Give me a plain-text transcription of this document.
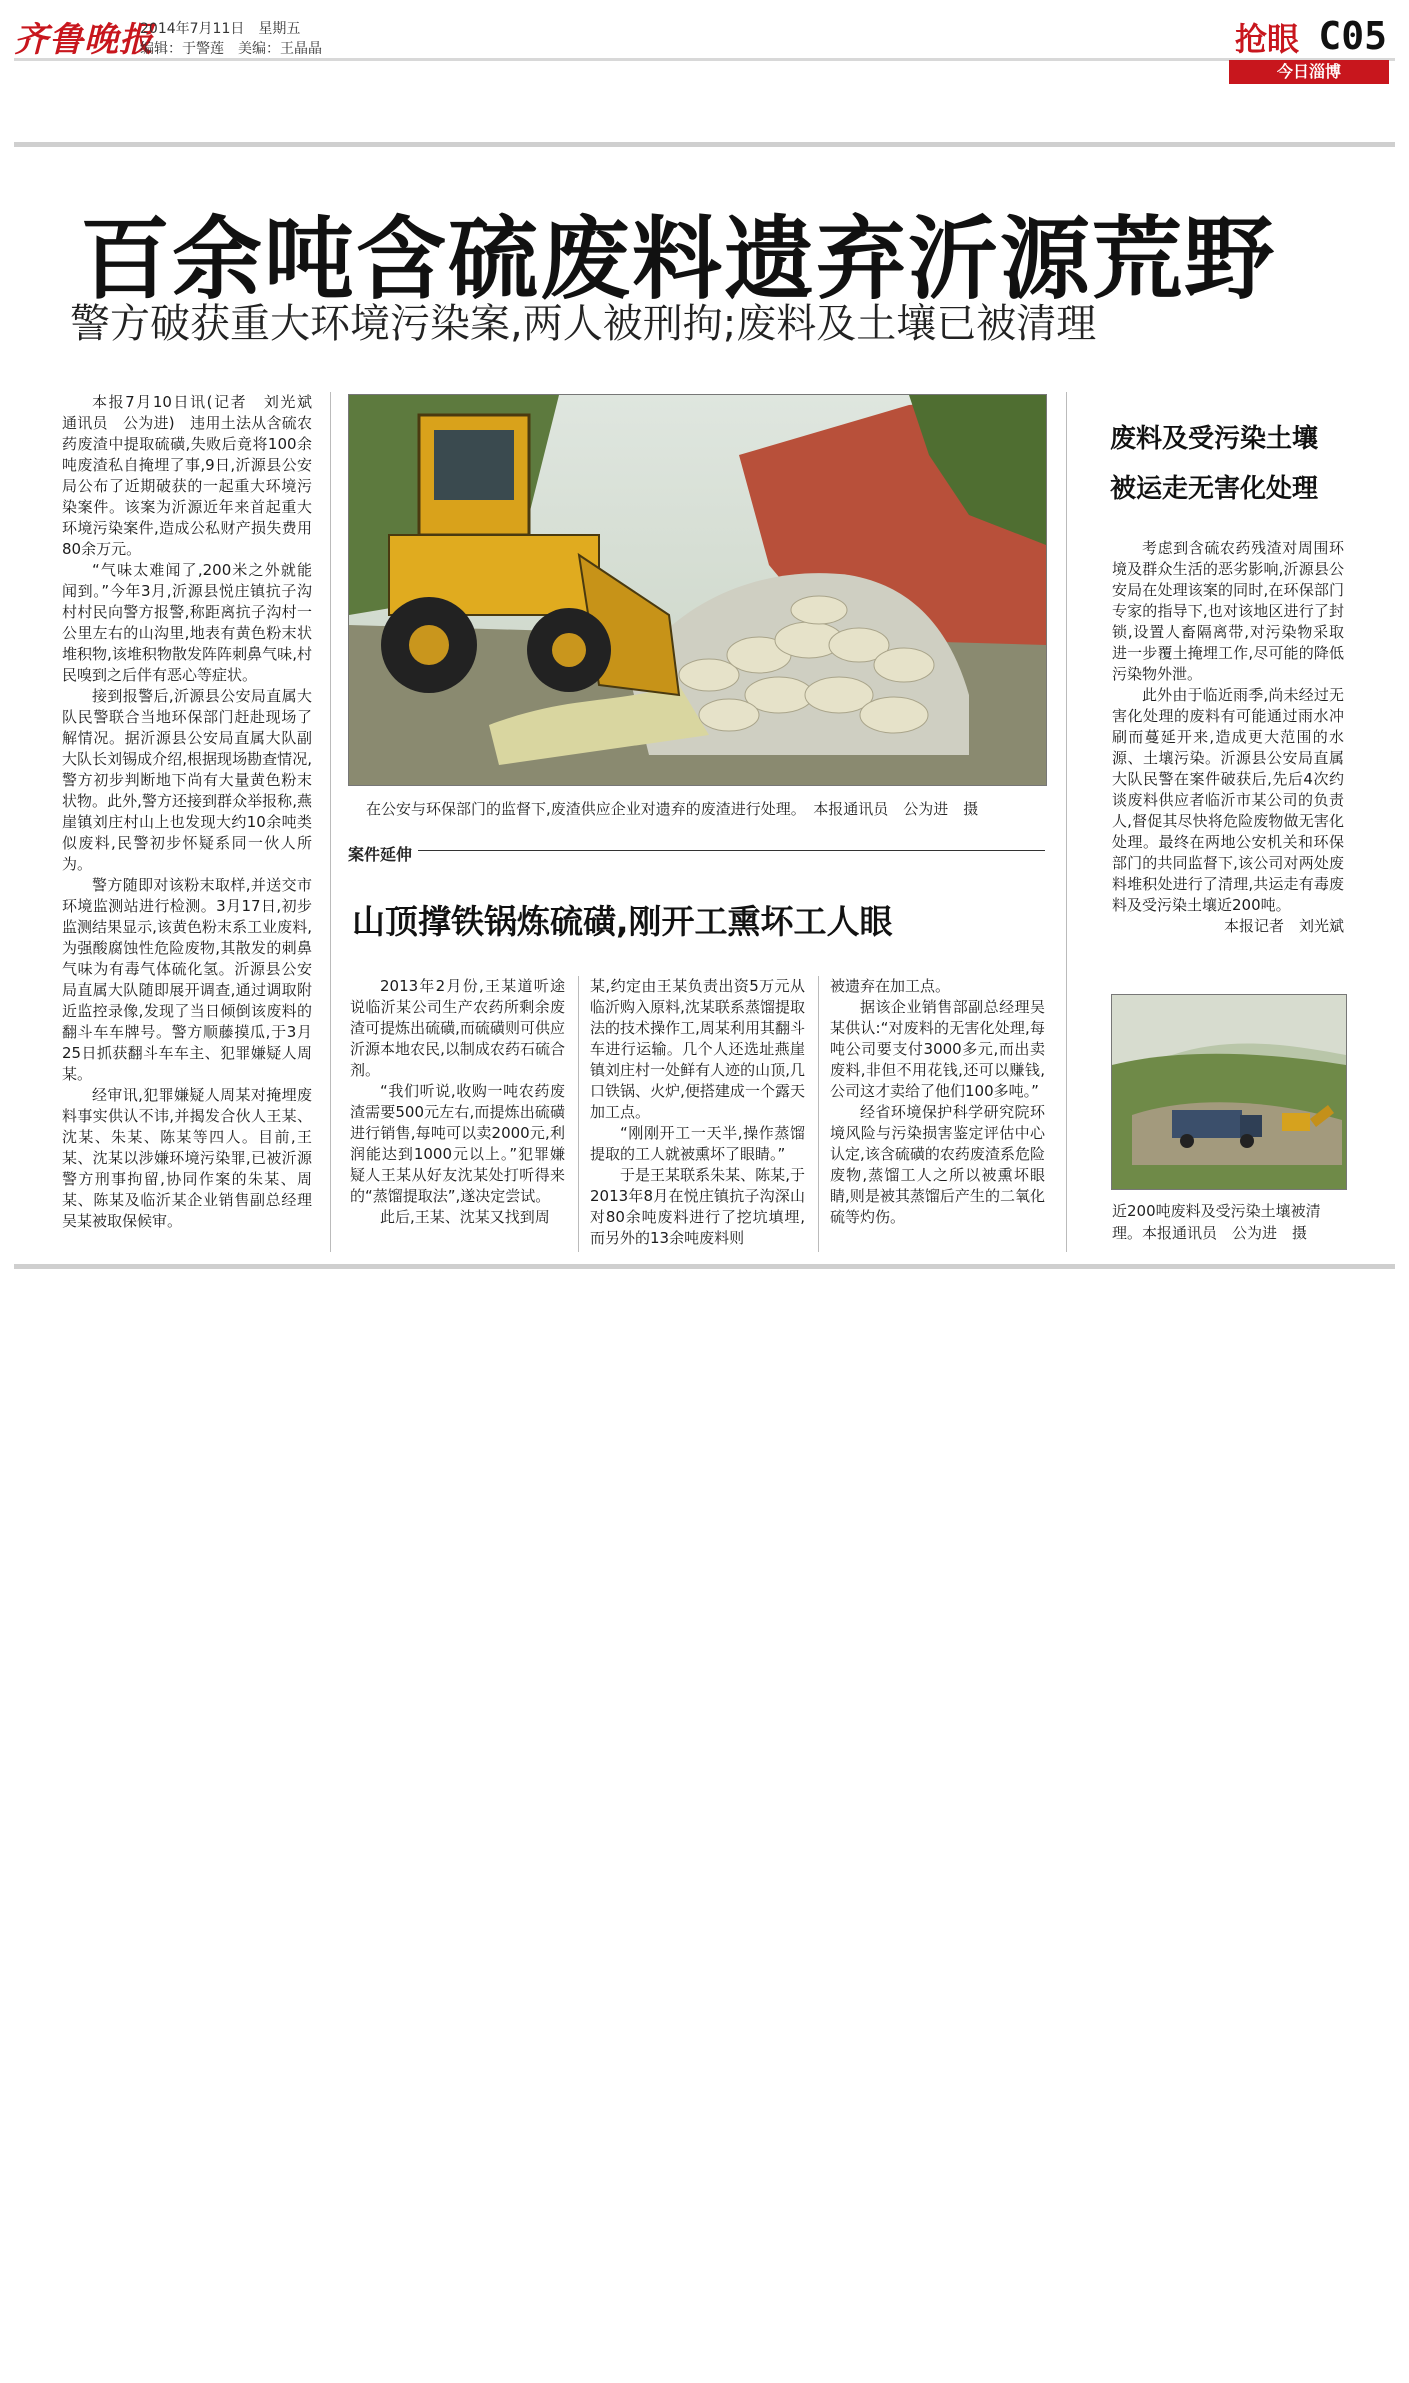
齐鲁晚报
2014年7月11日　星期五
编辑：于警莲　美编：王晶晶	抢眼 C05
今日淄博
百余吨含硫废料遗弃沂源荒野
警方破获重大环境污染案,两人被刑拘;废料及土壤已被清理

本报7月10日讯(记者　刘光斌　通讯员　公为进)　违用土法从含硫农药废渣中提取硫磺,失败后竟将100余吨废渣私自掩埋了事,9日,沂源县公安局公布了近期破获的一起重大环境污染案件。该案为沂源近年来首起重大环境污染案件,造成公私财产损失费用80余万元。

“气味太难闻了,200米之外就能闻到。”今年3月,沂源县悦庄镇抗子沟村村民向警方报警,称距离抗子沟村一公里左右的山沟里,地表有黄色粉末状堆积物,该堆积物散发阵阵刺鼻气味,村民嗅到之后伴有恶心等症状。

接到报警后,沂源县公安局直属大队民警联合当地环保部门赶赴现场了解情况。据沂源县公安局直属大队副大队长刘锡成介绍,根据现场勘查情况,警方初步判断地下尚有大量黄色粉末状物。此外,警方还接到群众举报称,燕崖镇刘庄村山上也发现大约10余吨类似废料,民警初步怀疑系同一伙人所为。

警方随即对该粉末取样,并送交市环境监测站进行检测。3月17日,初步监测结果显示,该黄色粉末系工业废料,为强酸腐蚀性危险废物,其散发的刺鼻气味为有毒气体硫化氢。沂源县公安局直属大队随即展开调查,通过调取附近监控录像,发现了当日倾倒该废料的翻斗车车牌号。警方顺藤摸瓜,于3月25日抓获翻斗车车主、犯罪嫌疑人周某。

经审讯,犯罪嫌疑人周某对掩埋废料事实供认不讳,并揭发合伙人王某、沈某、朱某、陈某等四人。目前,王某、沈某以涉嫌环境污染罪,已被沂源警方刑事拘留,协同作案的朱某、周某、陈某及临沂某企业销售副总经理吴某被取保候审。

在公安与环保部门的监督下,废渣供应企业对遗弃的废渣进行处理。　本报通讯员　公为进　摄
案件延伸
山顶撑铁锅炼硫磺,刚开工熏坏工人眼

2013年2月份,王某道听途说临沂某公司生产农药所剩余废渣可提炼出硫磺,而硫磺则可供应沂源本地农民,以制成农药石硫合剂。

“我们听说,收购一吨农药废渣需要500元左右,而提炼出硫磺进行销售,每吨可以卖2000元,利润能达到1000元以上。”犯罪嫌疑人王某从好友沈某处打听得来的“蒸馏提取法”,遂决定尝试。

此后,王某、沈某又找到周

某,约定由王某负责出资5万元从临沂购入原料,沈某联系蒸馏提取法的技术操作工,周某利用其翻斗车进行运输。几个人还选址燕崖镇刘庄村一处鲜有人迹的山顶,几口铁锅、火炉,便搭建成一个露天加工点。

“刚刚开工一天半,操作蒸馏提取的工人就被熏坏了眼睛。”

于是王某联系朱某、陈某,于2013年8月在悦庄镇抗子沟深山对80余吨废料进行了挖坑填埋,而另外的13余吨废料则

被遗弃在加工点。

据该企业销售部副总经理吴某供认:“对废料的无害化处理,每吨公司要支付3000多元,而出卖废料,非但不用花钱,还可以赚钱,公司这才卖给了他们100多吨。”

经省环境保护科学研究院环境风险与污染损害鉴定评估中心认定,该含硫磺的农药废渣系危险废物,蒸馏工人之所以被熏坏眼睛,则是被其蒸馏后产生的二氧化硫等灼伤。

废料及受污染土壤
被运走无害化处理

考虑到含硫农药残渣对周围环境及群众生活的恶劣影响,沂源县公安局在处理该案的同时,在环保部门专家的指导下,也对该地区进行了封锁,设置人畜隔离带,对污染物采取进一步覆土掩埋工作,尽可能的降低污染物外泄。

此外由于临近雨季,尚未经过无害化处理的废料有可能通过雨水冲刷而蔓延开来,造成更大范围的水源、土壤污染。沂源县公安局直属大队民警在案件破获后,先后4次约谈废料供应者临沂市某公司的负责人,督促其尽快将危险废物做无害化处理。最终在两地公安机关和环保部门的共同监督下,该公司对两处废料堆积处进行了清理,共运走有毒废料及受污染土壤近200吨。

本报记者　刘光斌
近200吨废料及受污染土壤被清理。本报通讯员　公为进　摄
